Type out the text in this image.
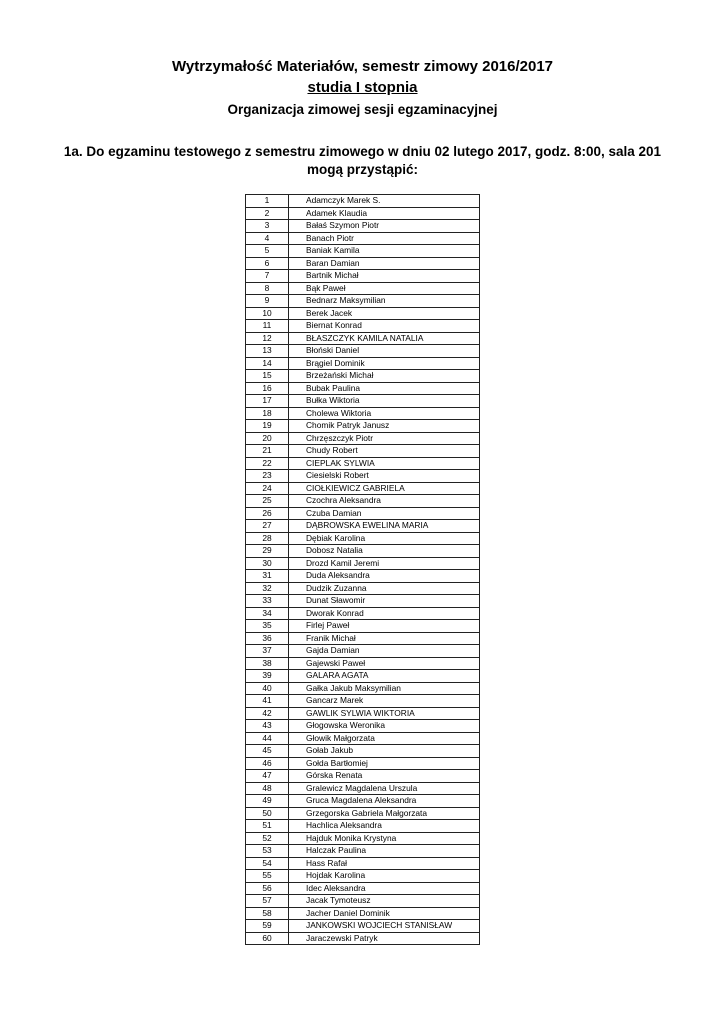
Wytrzymałość Materiałów, semestr zimowy 2016/2017
studia I stopnia
Organizacja zimowej sesji egzaminacyjnej
1a. Do egzaminu testowego z semestru zimowego w dniu 02 lutego 2017, godz. 8:00, sala 201
mogą przystąpić:
1	Adamczyk Marek S.
2	Adamek Klaudia
3	Bałaś Szymon Piotr
4	Banach Piotr
5	Baniak Kamila
6	Baran Damian
7	Bartnik Michał
8	Bąk Paweł
9	Bednarz Maksymilian
10	Berek Jacek
11	Biernat Konrad
12	BŁASZCZYK KAMILA NATALIA
13	Błoński Daniel
14	Brągiel Dominik
15	Brzeżański Michał
16	Bubak Paulina
17	Bułka Wiktoria
18	Cholewa Wiktoria
19	Chomik Patryk Janusz
20	Chrzęszczyk Piotr
21	Chudy Robert
22	CIEPLAK SYLWIA
23	Ciesielski Robert
24	CIOŁKIEWICZ GABRIELA
25	Czochra Aleksandra
26	Czuba Damian
27	DĄBROWSKA EWELINA MARIA
28	Dębiak Karolina
29	Dobosz Natalia
30	Drozd Kamil Jeremi
31	Duda Aleksandra
32	Dudzik Zuzanna
33	Dunat Sławomir
34	Dworak Konrad
35	Firlej Paweł
36	Franik Michał
37	Gajda Damian
38	Gajewski Paweł
39	GALARA AGATA
40	Gałka Jakub Maksymilian
41	Gancarz Marek
42	GAWLIK SYLWIA WIKTORIA
43	Głogowska Weronika
44	Głowik Małgorzata
45	Gołab Jakub
46	Gołda Bartłomiej
47	Górska Renata
48	Gralewicz Magdalena Urszula
49	Gruca Magdalena Aleksandra
50	Grzegorska Gabriela Małgorzata
51	Hachlica Aleksandra
52	Hajduk Monika Krystyna
53	Halczak Paulina
54	Hass Rafał
55	Hojdak Karolina
56	Idec Aleksandra
57	Jacak Tymoteusz
58	Jacher Daniel Dominik
59	JANKOWSKI WOJCIECH STANISŁAW
60	Jaraczewski Patryk
